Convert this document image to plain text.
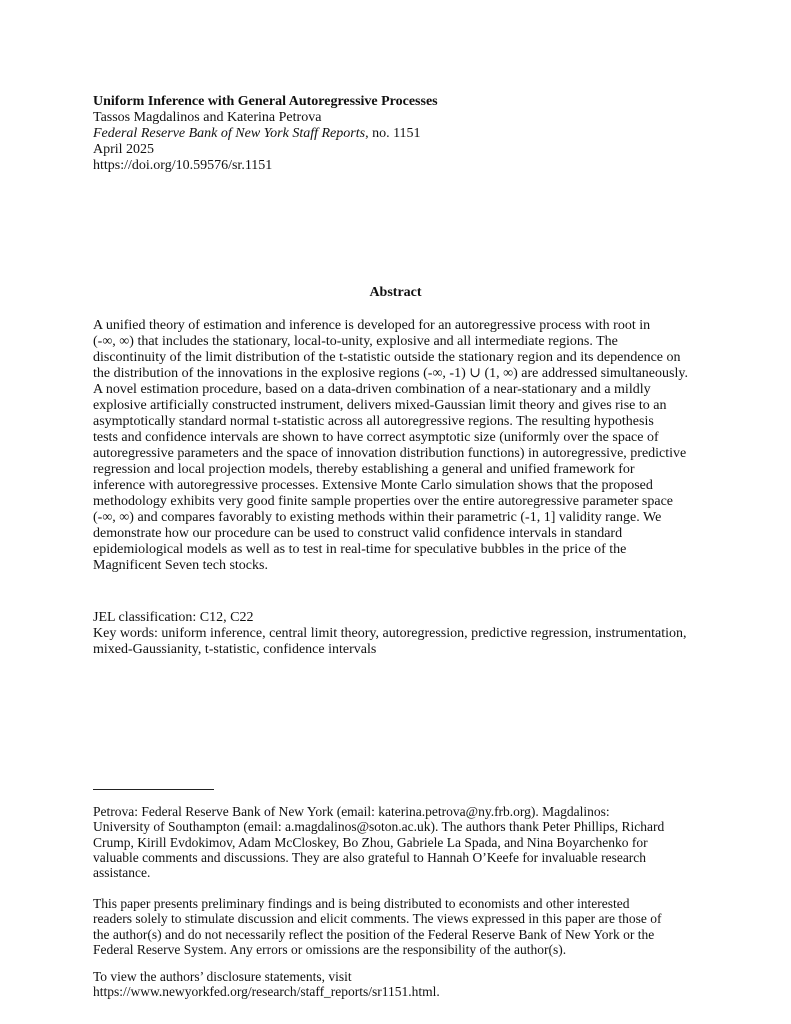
Uniform Inference with General Autoregressive Processes
Tassos Magdalinos and Katerina Petrova
Federal Reserve Bank of New York Staff Reports, no. 1151
April 2025
https://doi.org/10.59576/sr.1151
Abstract
A unified theory of estimation and inference is developed for an autoregressive process with root in
(-∞, ∞) that includes the stationary, local-to-unity, explosive and all intermediate regions. The
discontinuity of the limit distribution of the t-statistic outside the stationary region and its dependence on
the distribution of the innovations in the explosive regions (-∞, -1) ∪ (1, ∞) are addressed simultaneously.
A novel estimation procedure, based on a data-driven combination of a near-stationary and a mildly
explosive artificially constructed instrument, delivers mixed-Gaussian limit theory and gives rise to an
asymptotically standard normal t-statistic across all autoregressive regions. The resulting hypothesis
tests and confidence intervals are shown to have correct asymptotic size (uniformly over the space of
autoregressive parameters and the space of innovation distribution functions) in autoregressive, predictive
regression and local projection models, thereby establishing a general and unified framework for
inference with autoregressive processes. Extensive Monte Carlo simulation shows that the proposed
methodology exhibits very good finite sample properties over the entire autoregressive parameter space
(-∞, ∞) and compares favorably to existing methods within their parametric (-1, 1] validity range. We
demonstrate how our procedure can be used to construct valid confidence intervals in standard
epidemiological models as well as to test in real-time for speculative bubbles in the price of the
Magnificent Seven tech stocks.
JEL classification: C12, C22
Key words: uniform inference, central limit theory, autoregression, predictive regression, instrumentation,
mixed-Gaussianity, t-statistic, confidence intervals
Petrova: Federal Reserve Bank of New York (email: katerina.petrova@ny.frb.org). Magdalinos:
University of Southampton (email: a.magdalinos@soton.ac.uk). The authors thank Peter Phillips, Richard
Crump, Kirill Evdokimov, Adam McCloskey, Bo Zhou, Gabriele La Spada, and Nina Boyarchenko for
valuable comments and discussions. They are also grateful to Hannah O’Keefe for invaluable research
assistance.
This paper presents preliminary findings and is being distributed to economists and other interested
readers solely to stimulate discussion and elicit comments. The views expressed in this paper are those of
the author(s) and do not necessarily reflect the position of the Federal Reserve Bank of New York or the
Federal Reserve System. Any errors or omissions are the responsibility of the author(s).
To view the authors’ disclosure statements, visit
https://www.newyorkfed.org/research/staff_reports/sr1151.html.
